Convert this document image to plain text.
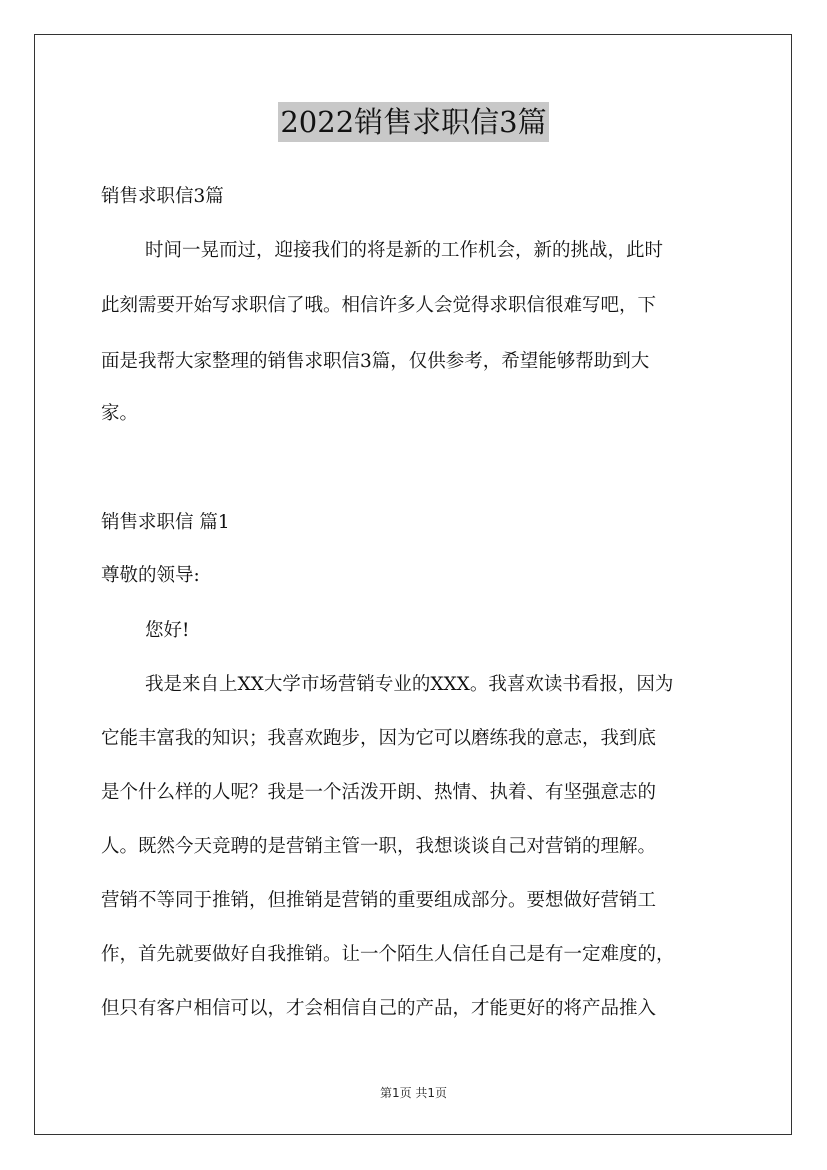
2022销售求职信3篇
销售求职信3篇
时间一晃而过，迎接我们的将是新的工作机会，新的挑战，此时
此刻需要开始写求职信了哦。相信许多人会觉得求职信很难写吧，下
面是我帮大家整理的销售求职信3篇，仅供参考，希望能够帮助到大
家。
销售求职信 篇1
尊敬的领导:
您好!
我是来自上XX大学市场营销专业的XXX。我喜欢读书看报，因为
它能丰富我的知识；我喜欢跑步，因为它可以磨练我的意志，我到底
是个什么样的人呢？我是一个活泼开朗、热情、执着、有坚强意志的
人。既然今天竞聘的是营销主管一职，我想谈谈自己对营销的理解。
营销不等同于推销，但推销是营销的重要组成部分。要想做好营销工
作，首先就要做好自我推销。让一个陌生人信任自己是有一定难度的，
但只有客户相信可以，才会相信自己的产品，才能更好的将产品推入
第1页 共1页
